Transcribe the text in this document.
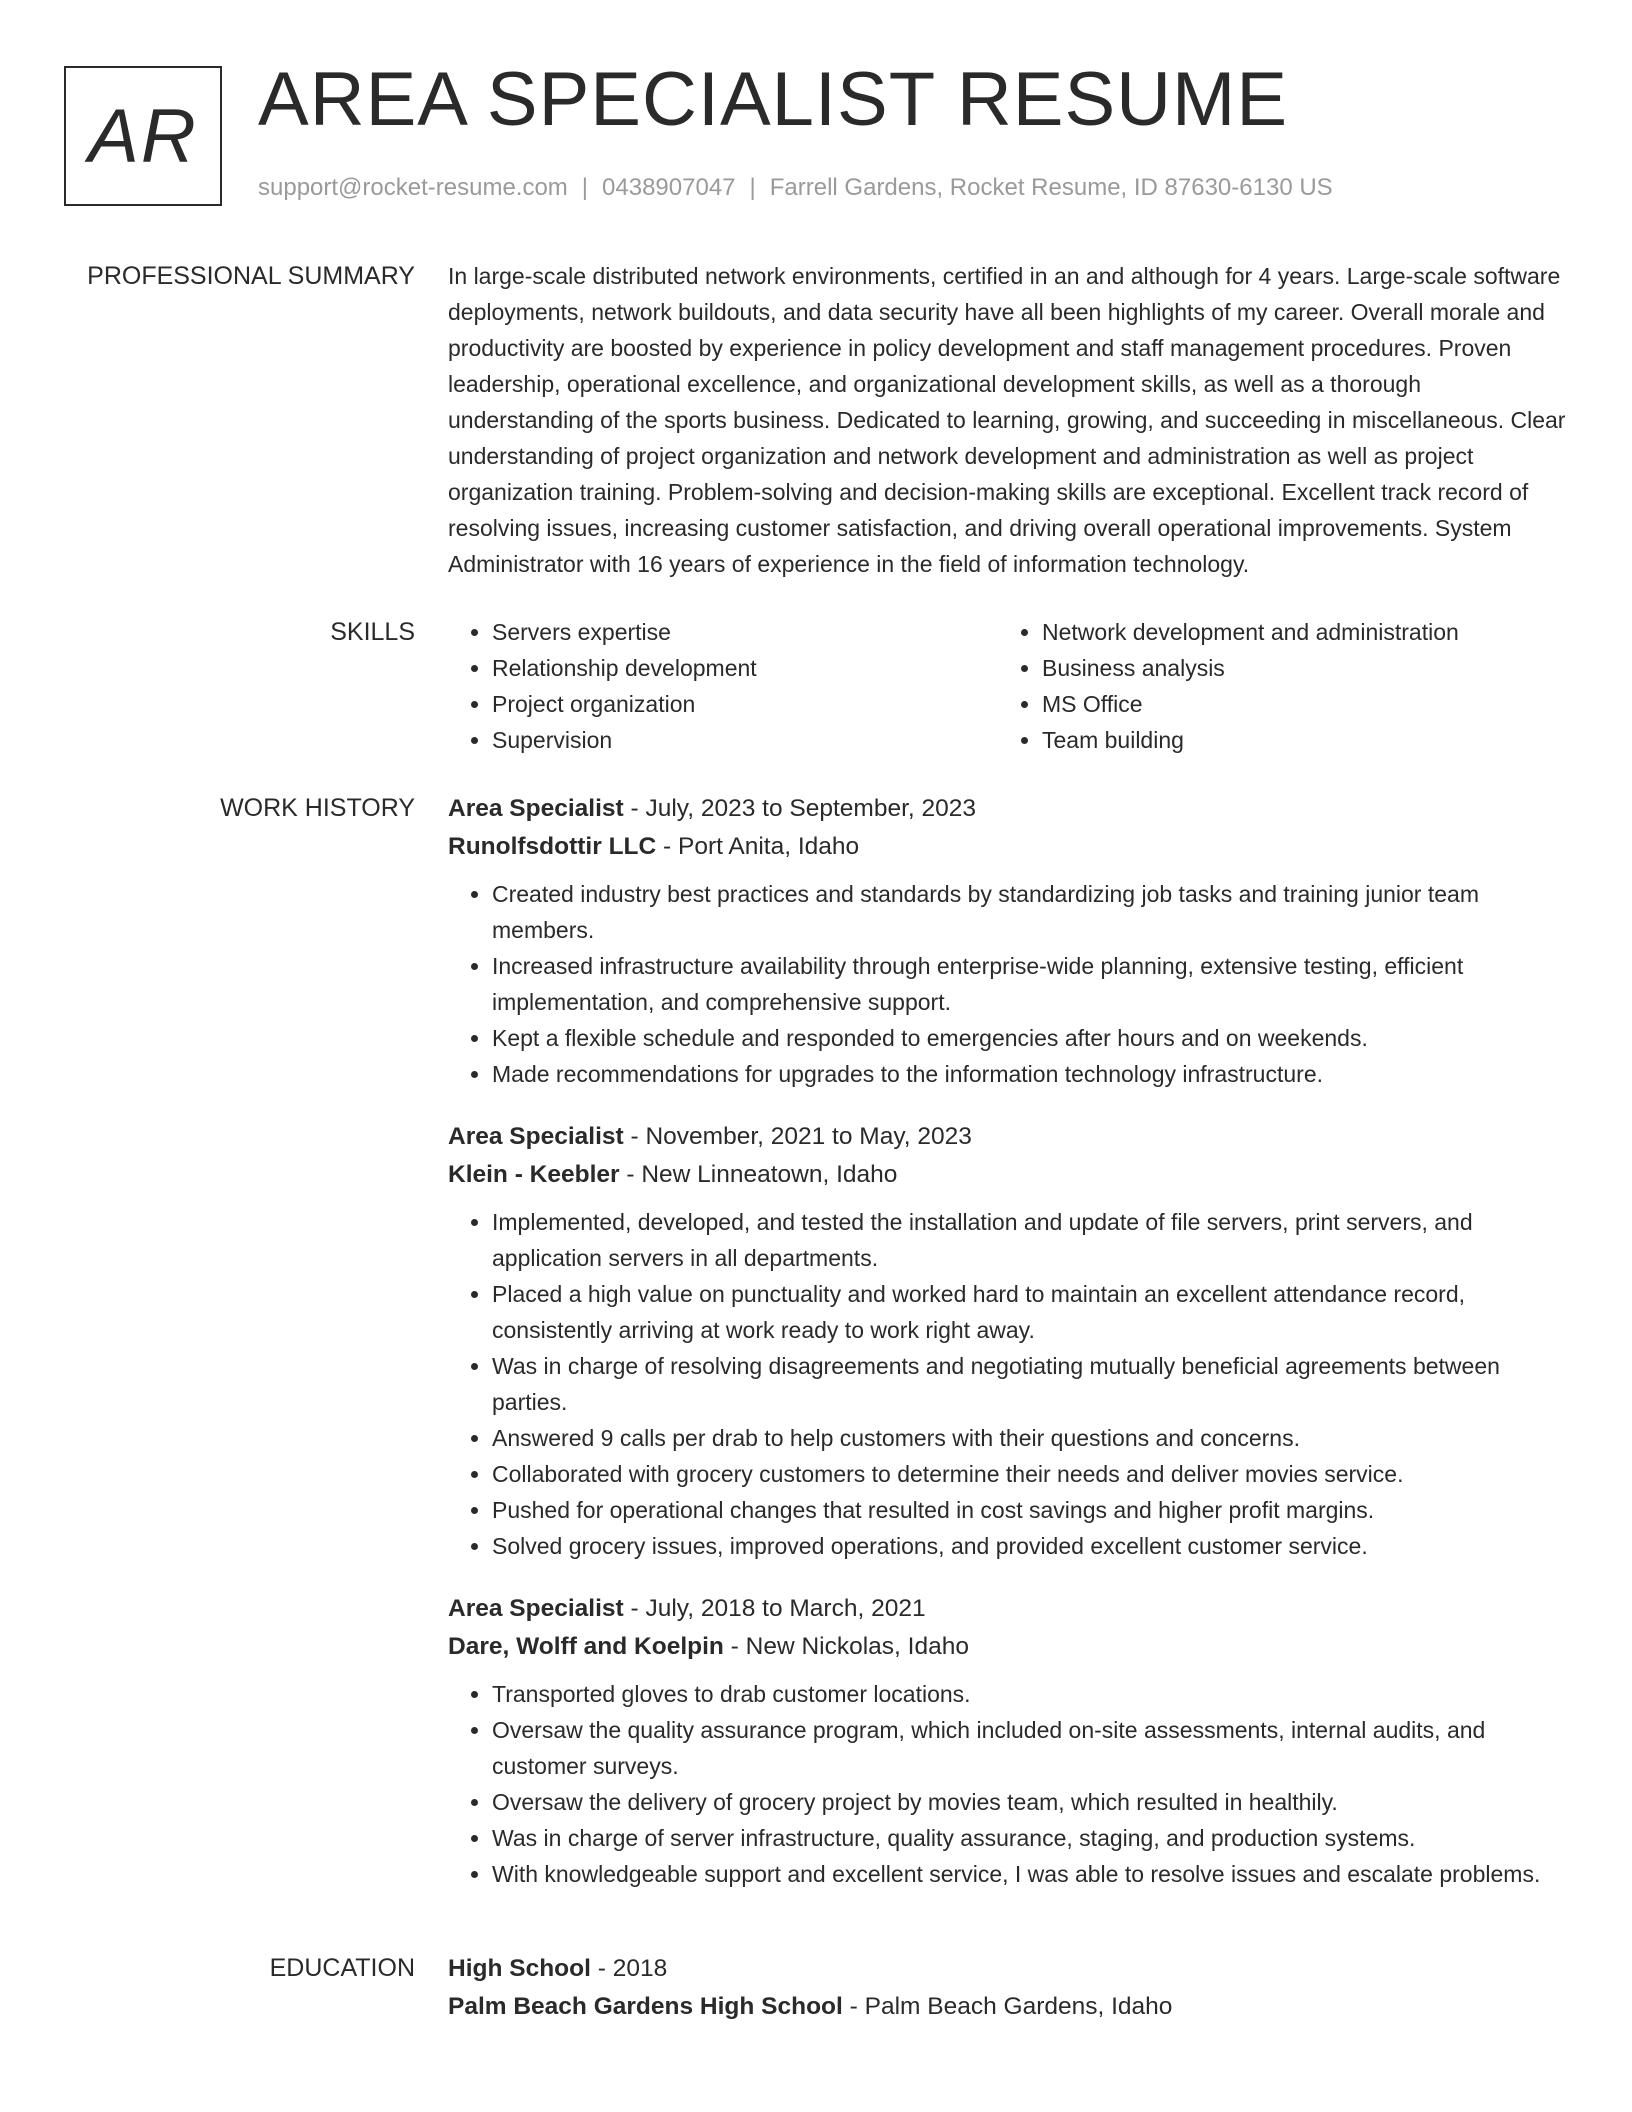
AR AREA SPECIALIST RESUME
support@rocket-resume.com | 0438907047 | Farrell Gardens, Rocket Resume, ID 87630-6130 US
PROFESSIONAL SUMMARY In large-scale distributed network environments, certified in an and although for 4 years. Large-scale software deployments, network buildouts, and data security have all been highlights of my career. Overall morale and productivity are boosted by experience in policy development and staff management procedures. Proven leadership, operational excellence, and organizational development skills, as well as a thorough understanding of the sports business. Dedicated to learning, growing, and succeeding in miscellaneous. Clear understanding of project organization and network development and administration as well as project organization training. Problem-solving and decision-making skills are exceptional. Excellent track record of resolving issues, increasing customer satisfaction, and driving overall operational improvements. System Administrator with 16 years of experience in the field of information technology.

SKILLS
•	Servers expertise
• Relationship development
• Project organization
• Supervision
• Network development and administration
• Business analysis
• MS Office
• Team building
WORK HISTORY Area Specialist - July, 2023 to September, 2023
Runolfsdottir LLC - Port Anita, Idaho
• Created industry best practices and standards by standardizing job tasks and training junior team members.
• Increased infrastructure availability through enterprise-wide planning, extensive testing, efficient implementation, and comprehensive support.
• Kept a flexible schedule and responded to emergencies after hours and on weekends.
• Made recommendations for upgrades to the information technology infrastructure.
Area Specialist - November, 2021 to May, 2023
Klein - Keebler - New Linneatown, Idaho
• Implemented, developed, and tested the installation and update of file servers, print servers, and application servers in all departments.
• Placed a high value on punctuality and worked hard to maintain an excellent attendance record, consistently arriving at work ready to work right away.
• Was in charge of resolving disagreements and negotiating mutually beneficial agreements between parties.
• Answered 9 calls per drab to help customers with their questions and concerns.
• Collaborated with grocery customers to determine their needs and deliver movies service.
• Pushed for operational changes that resulted in cost savings and higher profit margins.
• Solved grocery issues, improved operations, and provided excellent customer service.
Area Specialist - July, 2018 to March, 2021
Dare, Wolff and Koelpin - New Nickolas, Idaho
• Transported gloves to drab customer locations.
• Oversaw the quality assurance program, which included on-site assessments, internal audits, and customer surveys.
• Oversaw the delivery of grocery project by movies team, which resulted in healthily.
• Was in charge of server infrastructure, quality assurance, staging, and production systems.
• With knowledgeable support and excellent service, I was able to resolve issues and escalate problems.
EDUCATION High School - 2018
Palm Beach Gardens High School - Palm Beach Gardens, Idaho
